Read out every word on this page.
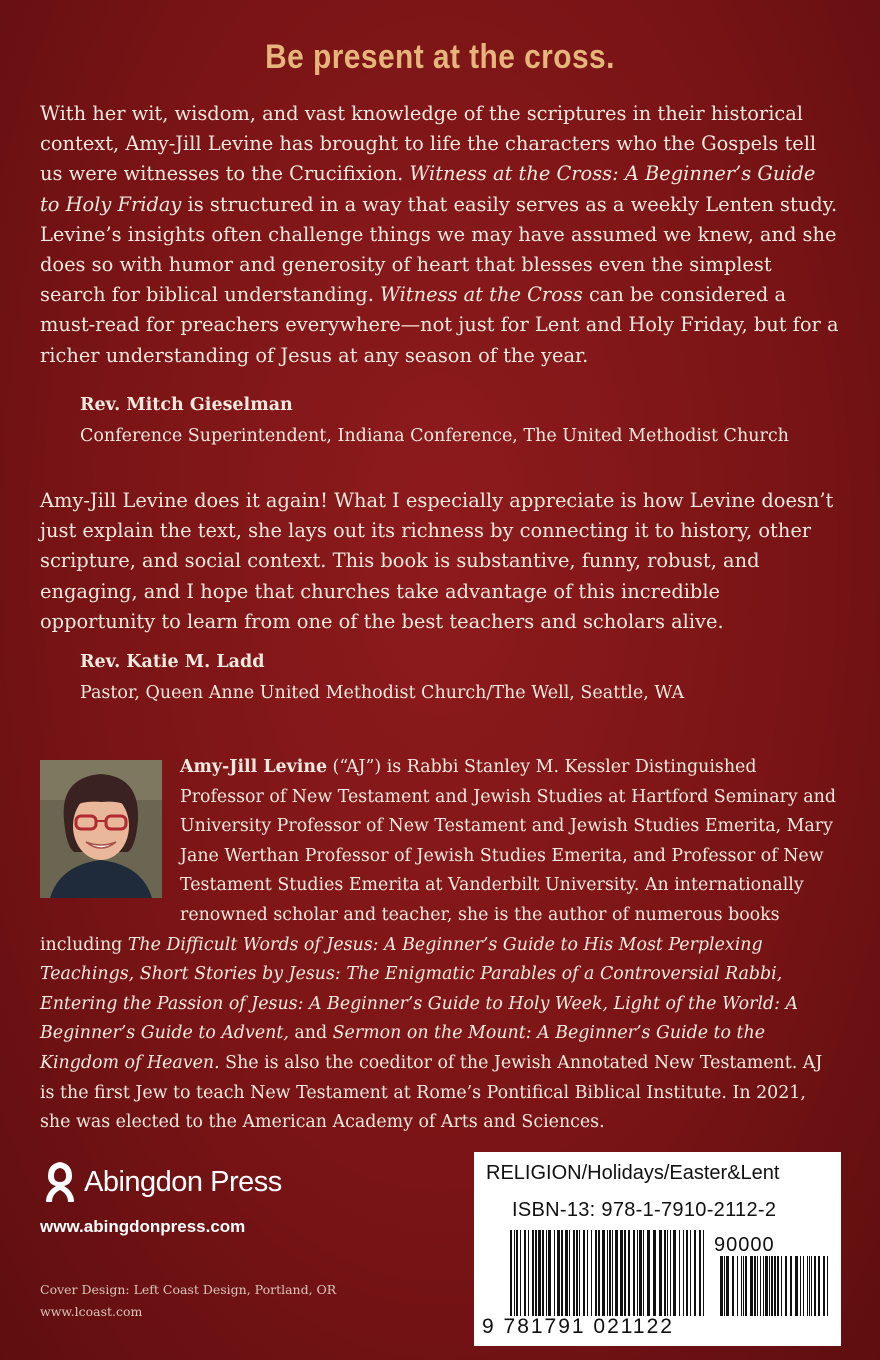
Be present at the cross.
With her wit, wisdom, and vast knowledge of the scriptures in their historical context, Amy-Jill Levine has brought to life the characters who the Gospels tell us were witnesses to the Crucifixion. Witness at the Cross: A Beginner’s Guide to Holy Friday is structured in a way that easily serves as a weekly Lenten study. Levine’s insights often challenge things we may have assumed we knew, and she does so with humor and generosity of heart that blesses even the simplest search for biblical understanding. Witness at the Cross can be considered a must-read for preachers everywhere—not just for Lent and Holy Friday, but for a richer understanding of Jesus at any season of the year.
Rev. Mitch Gieselman
Conference Superintendent, Indiana Conference, The United Methodist Church
Amy-Jill Levine does it again! What I especially appreciate is how Levine doesn’t just explain the text, she lays out its richness by connecting it to history, other scripture, and social context. This book is substantive, funny, robust, and engaging, and I hope that churches take advantage of this incredible opportunity to learn from one of the best teachers and scholars alive.
Rev. Katie M. Ladd
Pastor, Queen Anne United Methodist Church/The Well, Seattle, WA
Amy-Jill Levine (“AJ”) is Rabbi Stanley M. Kessler Distinguished Professor of New Testament and Jewish Studies at Hartford Seminary and University Professor of New Testament and Jewish Studies Emerita, Mary Jane Werthan Professor of Jewish Studies Emerita, and Professor of New Testament Studies Emerita at Vanderbilt University. An internationally renowned scholar and teacher, she is the author of numerous books including The Difficult Words of Jesus: A Beginner’s Guide to His Most Perplexing Teachings, Short Stories by Jesus: The Enigmatic Parables of a Controversial Rabbi, Entering the Passion of Jesus: A Beginner’s Guide to Holy Week, Light of the World: A Beginner’s Guide to Advent, and Sermon on the Mount: A Beginner’s Guide to the Kingdom of Heaven. She is also the coeditor of the Jewish Annotated New Testament. AJ is the first Jew to teach New Testament at Rome’s Pontifical Biblical Institute. In 2021, she was elected to the American Academy of Arts and Sciences.
Abingdon Press
www.abingdonpress.com
Cover Design: Left Coast Design, Portland, OR
www.lcoast.com
RELIGION/Holidays/Easter&Lent
ISBN-13: 978-1-7910-2112-2
90000
9 781791 021122
